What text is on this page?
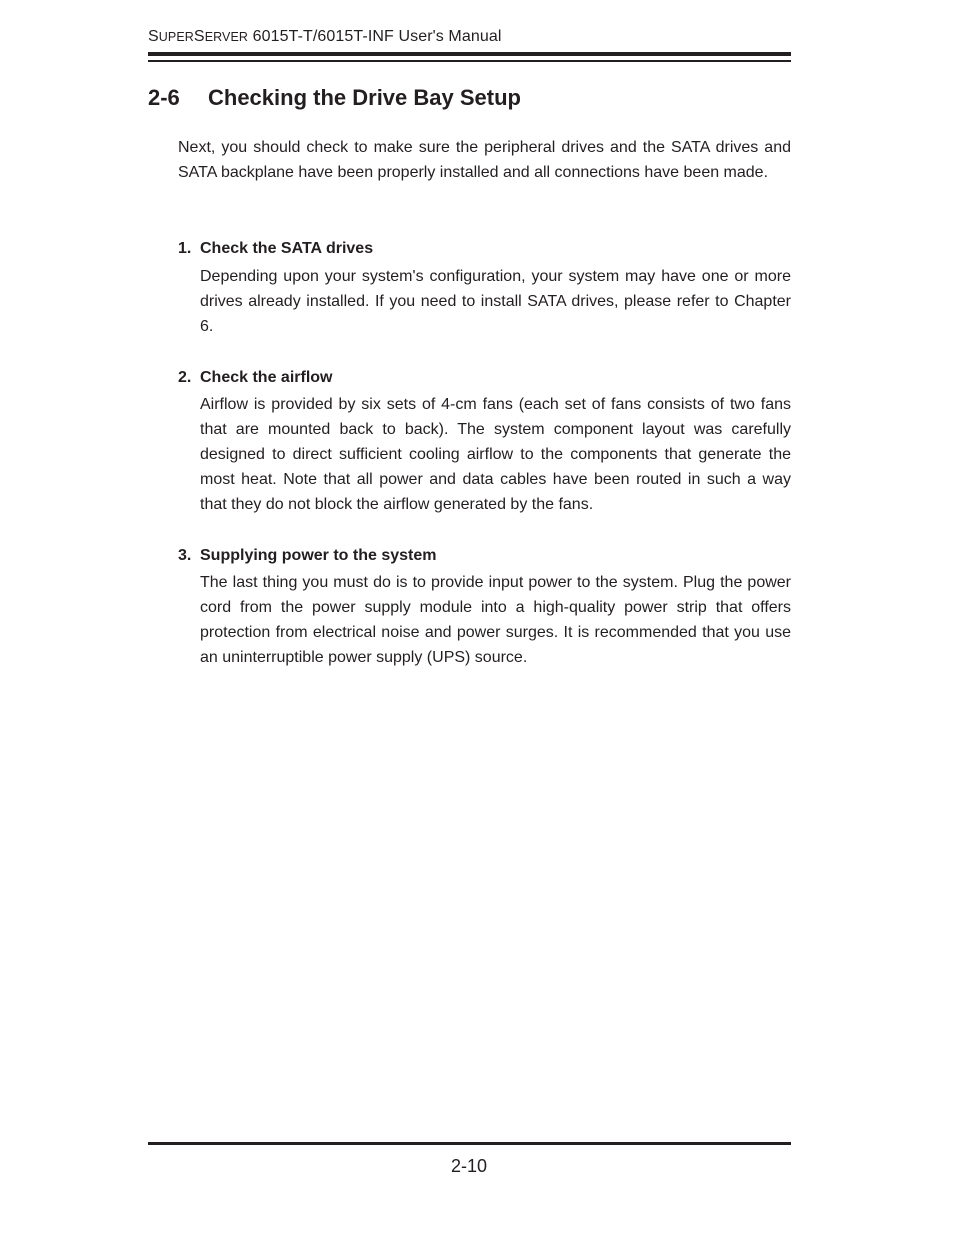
SUPERSERVER 6015T-T/6015T-INF User's Manual
2-6 Checking the Drive Bay Setup

Next, you should check to make sure the peripheral drives and the SATA drives and SATA backplane have been properly installed and all connections have been made.

1. Check the SATA drives

Depending upon your system's configuration, your system may have one or more drives already installed. If you need to install SATA drives, please refer to Chapter 6.

2. Check the airflow

Airflow is provided by six sets of 4-cm fans (each set of fans consists of two fans that are mounted back to back). The system component layout was carefully designed to direct sufficient cooling airflow to the components that generate the most heat. Note that all power and data cables have been routed in such a way that they do not block the airflow generated by the fans.

3. Supplying power to the system

The last thing you must do is to provide input power to the system. Plug the power cord from the power supply module into a high-quality power strip that offers protection from electrical noise and power surges. It is recommended that you use an uninterruptible power supply (UPS) source.

2-10
